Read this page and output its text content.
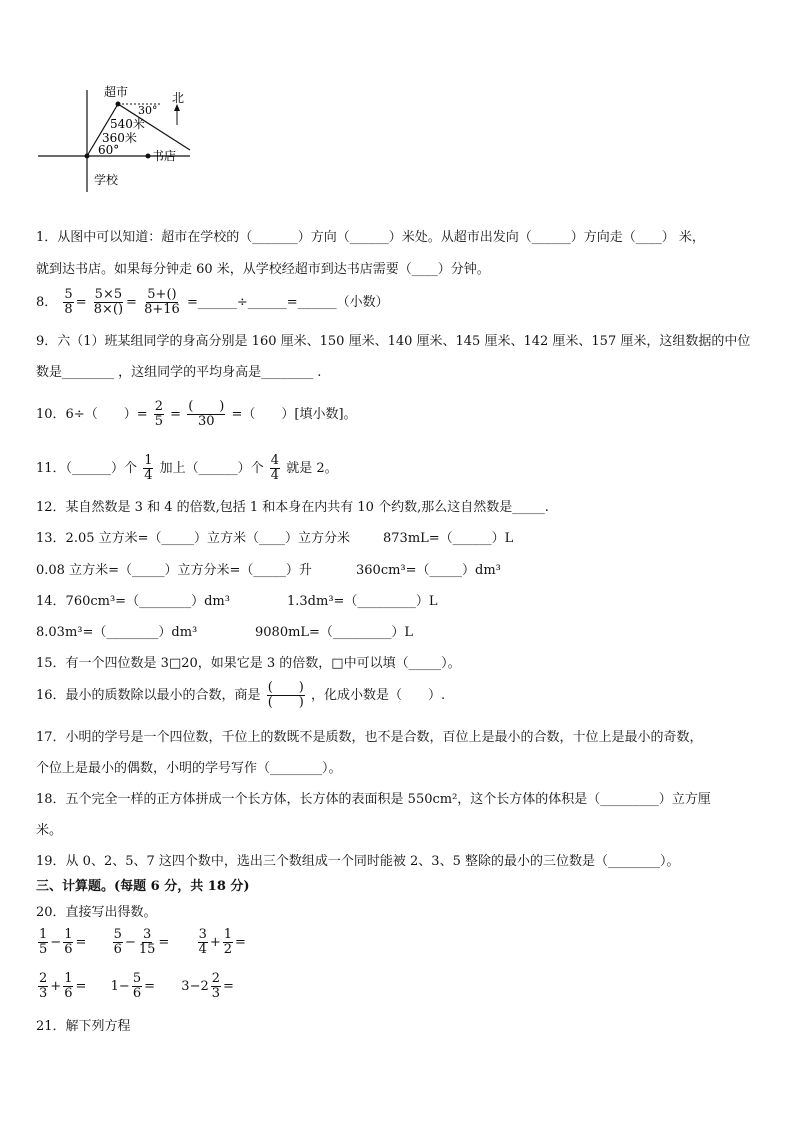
超市	北
30°
540米
360米
60°	书店
学校
1．从图中可以知道：超市在学校的（_______）方向（______）米处。从超市出发向（______）方向走（____） 米，
就到达书店。如果每分钟走 60 米，从学校经超市到达书店需要（____）分钟。
8． $\frac{5}{8} = \frac{5\times 5}{8\times()} = \frac{5+()}{8+16}$ =______÷______=______（小数）
9．六（1）班某组同学的身高分别是 160 厘米、150 厘米、140 厘米、145 厘米、142 厘米、157 厘米，这组数据的中位
数是________ ，这组同学的平均身高是________ .
10．6÷（　　）= $\frac{2}{5} = \frac{( )}{30}$ =（　　）[填小数]。
11．（______）个 $\frac{1}{4}$ 加上（______）个 $\frac{4}{4}$ 就是 2。
12．某自然数是 3 和 4 的倍数,包括 1 和本身在内共有 10 个约数,那么这自然数是_____.
13．2.05 立方米=（_____）立方米（____）立方分米	873mL=（______）L
0.08 立方米=（_____）立方分米=（_____）升	360cm³=（_____）dm³
14．760cm³=（________）dm³	1.3dm³=（_________）L
8.03m³=（________）dm³	9080mL=（_________）L
15．有一个四位数是 3□20，如果它是 3 的倍数，□中可以填（_____）。
16．最小的质数除以最小的合数，商是 $\frac{( )}{( )}$ ，化成小数是（　　）.
17．小明的学号是一个四位数，千位上的数既不是质数，也不是合数，百位上是最小的合数，十位上是最小的奇数，
个位上是最小的偶数，小明的学号写作（________）。
18．五个完全一样的正方体拼成一个长方体，长方体的表面积是 550cm²，这个长方体的体积是（_________）立方厘
米。
19．从 0、2、5、7 这四个数中，选出三个数组成一个同时能被 2、3、5 整除的最小的三位数是（________）。
三、计算题。(每题 6 分，共 18 分)
20．直接写出得数。
$\frac{1}{5} - \frac{1}{6} = \frac{5}{6} - \frac{3}{15} = \frac{3}{4} + \frac{1}{2}$ =
$\frac{2}{3} + \frac{1}{6} = 1- \frac{5}{6} = 3-2 \frac{2}{3}$ =
21．解下列方程
